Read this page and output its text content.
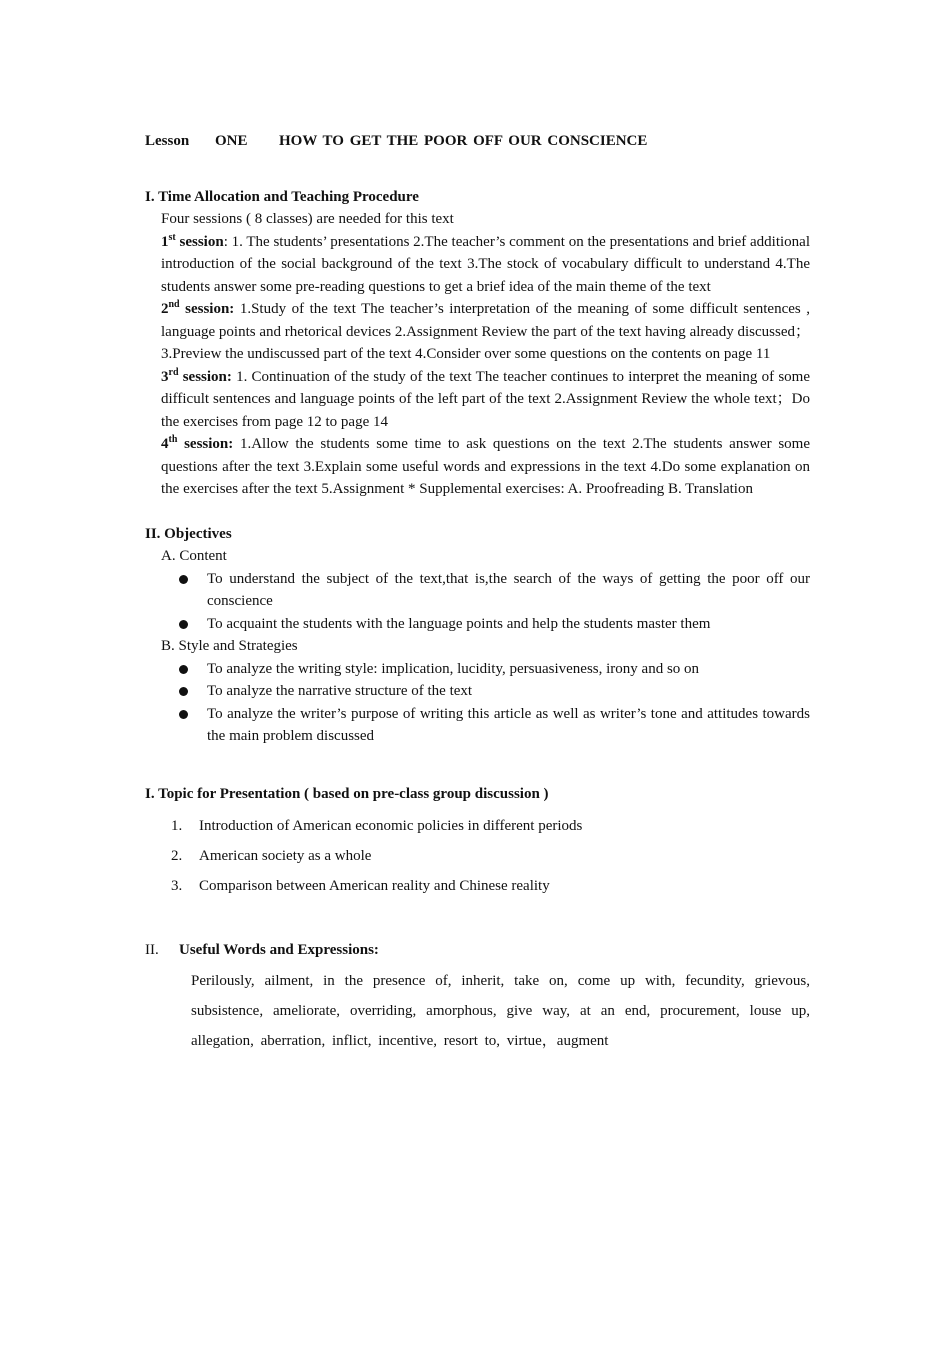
Lesson ONE HOW TO GET THE POOR OFF OUR CONSCIENCE

I. Time Allocation and Teaching Procedure

Four sessions ( 8 classes) are needed for this text
1st session: 1. The students’ presentations 2.The teacher’s comment on the presentations and brief additional introduction of the social background of the text 3.The stock of vocabulary difficult to understand 4.The students answer some pre-reading questions to get a brief idea of the main theme of the text
2nd session: 1.Study of the text The teacher’s interpretation of the meaning of some difficult sentences , language points and rhetorical devices 2.Assignment Review the part of the text having already discussed； 3.Preview the undiscussed part of the text 4.Consider over some questions on the contents on page 11
3rd session: 1. Continuation of the study of the text The teacher continues to interpret the meaning of some difficult sentences and language points of the left part of the text 2.Assignment Review the whole text；Do the exercises from page 12 to page 14
4th session: 1.Allow the students some time to ask questions on the text 2.The students answer some questions after the text 3.Explain some useful words and expressions in the text 4.Do some explanation on the exercises after the text 5.Assignment * Supplemental exercises: A. Proofreading B. Translation

II. Objectives

A. Content
To understand the subject of the text,that is,the search of the ways of getting the poor off our conscience
To acquaint the students with the language points and help the students master them
B. Style and Strategies
To analyze the writing style: implication, lucidity, persuasiveness, irony and so on
To analyze the narrative structure of the text
To analyze the writer’s purpose of writing this article as well as writer’s tone and attitudes towards the main problem discussed

I. Topic for Presentation ( based on pre-class group discussion )

1. Introduction of American economic policies in different periods
2. American society as a whole
3. Comparison between American reality and Chinese reality

II. Useful Words and Expressions:

Perilously, ailment, in the presence of, inherit, take on, come up with, fecundity, grievous, subsistence, ameliorate, overriding, amorphous, give way, at an end, procurement, louse up, allegation, aberration, inflict, incentive, resort to, virtue，augment
